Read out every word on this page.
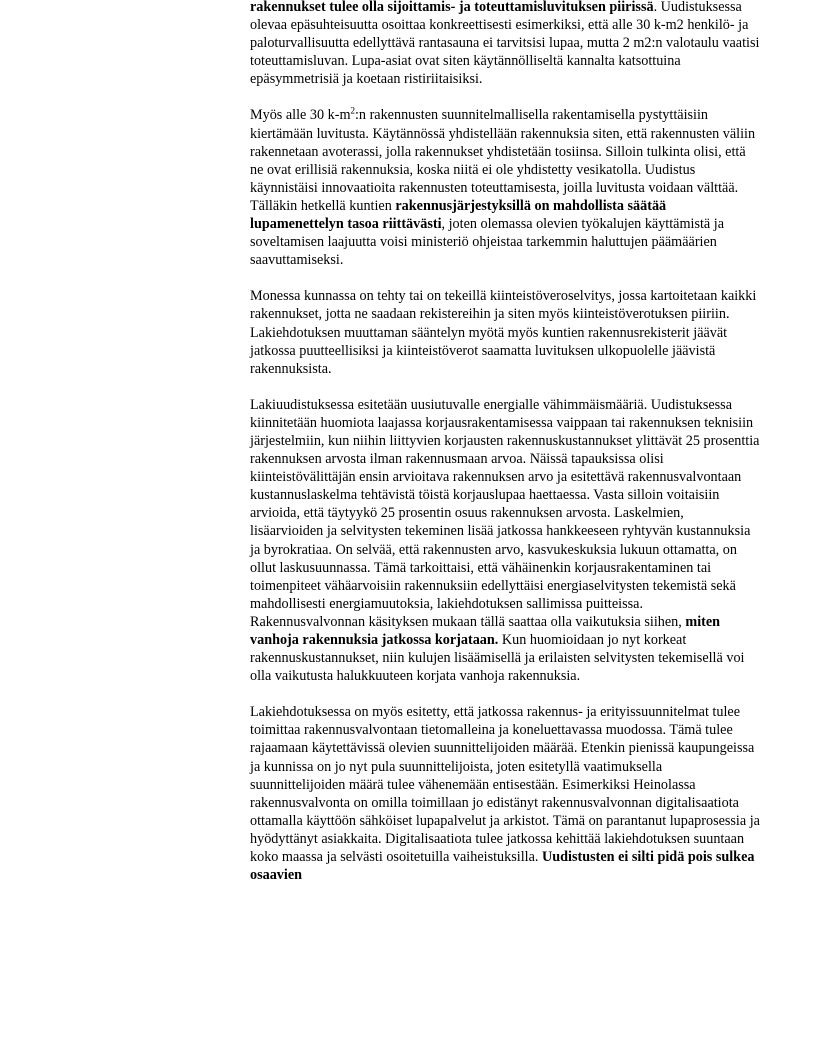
rakennukset tulee olla sijoittamis- ja toteuttamisluvituksen piirissä. Uudistuksessa olevaa epäsuhteisuutta osoittaa konkreettisesti esimerkiksi, että alle 30 k-m2 henkilö- ja paloturvallisuutta edellyttävä rantasauna ei tarvitsisi lupaa, mutta 2 m2:n valotaulu vaatisi toteuttamisluvan. Lupa-asiat ovat siten käytännölliseltä kannalta katsottuina epäsymmetrisiä ja koetaan ristiriitaisiksi.

Myös alle 30 $k-m^2:n$ rakennusten suunnitelmallisella rakentamisella pystyttäisiin kiertämään luvitusta. Käytännössä yhdistellään rakennuksia siten, että rakennusten väliin rakennetaan avoterassi, jolla rakennukset yhdistetään tosiinsa. Silloin tulkinta olisi, että ne ovat erillisiä rakennuksia, koska niitä ei ole yhdistetty vesikatolla. Uudistus käynnistäisi innovaatioita rakennusten toteuttamisesta, joilla luvitusta voidaan välttää. Tälläkin hetkellä kuntien rakennusjärjestyksillä on mahdollista säätää lupamenettelyn tasoa riittävästi, joten olemassa olevien työkalujen käyttämistä ja soveltamisen laajuutta voisi ministeriö ohjeistaa tarkemmin haluttujen päämäärien saavuttamiseksi.

Monessa kunnassa on tehty tai on tekeillä kiinteistöveroselvitys, jossa kartoitetaan kaikki rakennukset, jotta ne saadaan rekistereihin ja siten myös kiinteistöverotuksen piiriin. Lakiehdotuksen muuttaman sääntelyn myötä myös kuntien rakennusrekisterit jäävät jatkossa puutteellisiksi ja kiinteistöverot saamatta luvituksen ulkopuolelle jäävistä rakennuksista.

Lakiuudistuksessa esitetään uusiutuvalle energialle vähimmäismääriä. Uudistuksessa kiinnitetään huomiota laajassa korjausrakentamisessa vaippaan tai rakennuksen teknisiin järjestelmiin, kun niihin liittyvien korjausten rakennuskustannukset ylittävät 25 prosenttia rakennuksen arvosta ilman rakennusmaan arvoa. Näissä tapauksissa olisi kiinteistövälittäjän ensin arvioitava rakennuksen arvo ja esitettävä rakennusvalvontaan kustannuslaskelma tehtävistä töistä korjauslupaa haettaessa. Vasta silloin voitaisiin arvioida, että täytyykö 25 prosentin osuus rakennuksen arvosta. Laskelmien, lisäarvioiden ja selvitysten tekeminen lisää jatkossa hankkeeseen ryhtyvän kustannuksia ja byrokratiaa. On selvää, että rakennusten arvo, kasvukeskuksia lukuun ottamatta, on ollut laskusuunnassa. Tämä tarkoittaisi, että vähäinenkin korjausrakentaminen tai toimenpiteet vähäarvoisiin rakennuksiin edellyttäisi energiaselvitysten tekemistä sekä mahdollisesti energiamuutoksia, lakiehdotuksen sallimissa puitteissa. Rakennusvalvonnan käsityksen mukaan tällä saattaa olla vaikutuksia siihen, miten vanhoja rakennuksia jatkossa korjataan. Kun huomioidaan jo nyt korkeat rakennuskustannukset, niin kulujen lisäämisellä ja erilaisten selvitysten tekemisellä voi olla vaikutusta halukkuuteen korjata vanhoja rakennuksia.

Lakiehdotuksessa on myös esitetty, että jatkossa rakennus- ja erityissuunnitelmat tulee toimittaa rakennusvalvontaan tietomalleina ja koneluettavassa muodossa. Tämä tulee rajaamaan käytettävissä olevien suunnittelijoiden määrää. Etenkin pienissä kaupungeissa ja kunnissa on jo nyt pula suunnittelijoista, joten esitetyllä vaatimuksella suunnittelijoiden määrä tulee vähenemään entisestään. Esimerkiksi Heinolassa rakennusvalvonta on omilla toimillaan jo edistänyt rakennusvalvonnan digitalisaatiota ottamalla käyttöön sähköiset lupapalvelut ja arkistot. Tämä on parantanut lupaprosessia ja hyödyttänyt asiakkaita. Digitalisaatiota tulee jatkossa kehittää lakiehdotuksen suuntaan koko maassa ja selvästi osoitetuilla vaiheistuksilla. Uudistusten ei silti pidä pois sulkea osaavien
